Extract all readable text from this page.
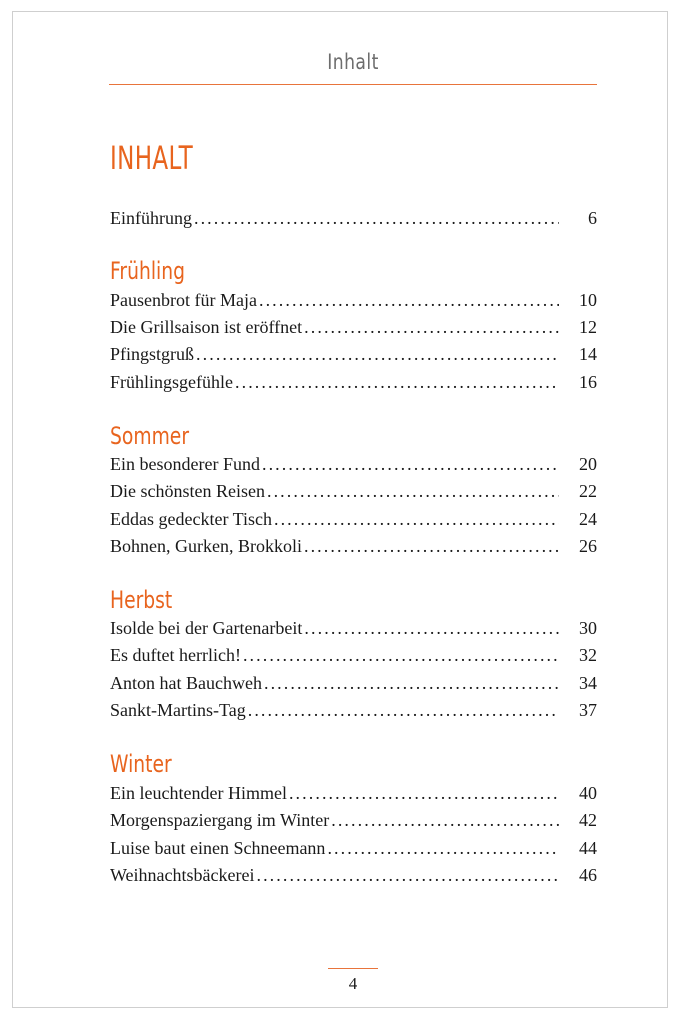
Inhalt
INHALT
Einführung . . .	6
Frühling
Pausenbrot für Maja . . .	10
Die Grillsaison ist eröffnet . . .	12
Pfingstgruß . . .	14
Frühlingsgefühle . . .	16
Sommer
Ein besonderer Fund . . .	20
Die schönsten Reisen . . .	22
Eddas gedeckter Tisch . . .	24
Bohnen, Gurken, Brokkoli . . .	26
Herbst
Isolde bei der Gartenarbeit . . .	30
Es duftet herrlich! . . .	32
Anton hat Bauchweh . . .	34
Sankt-Martins-Tag . . .	37
Winter
Ein leuchtender Himmel . . .	40
Morgenspaziergang im Winter . . .	42
Luise baut einen Schneemann . . .	44
Weihnachtsbäckerei . . .	46
4
